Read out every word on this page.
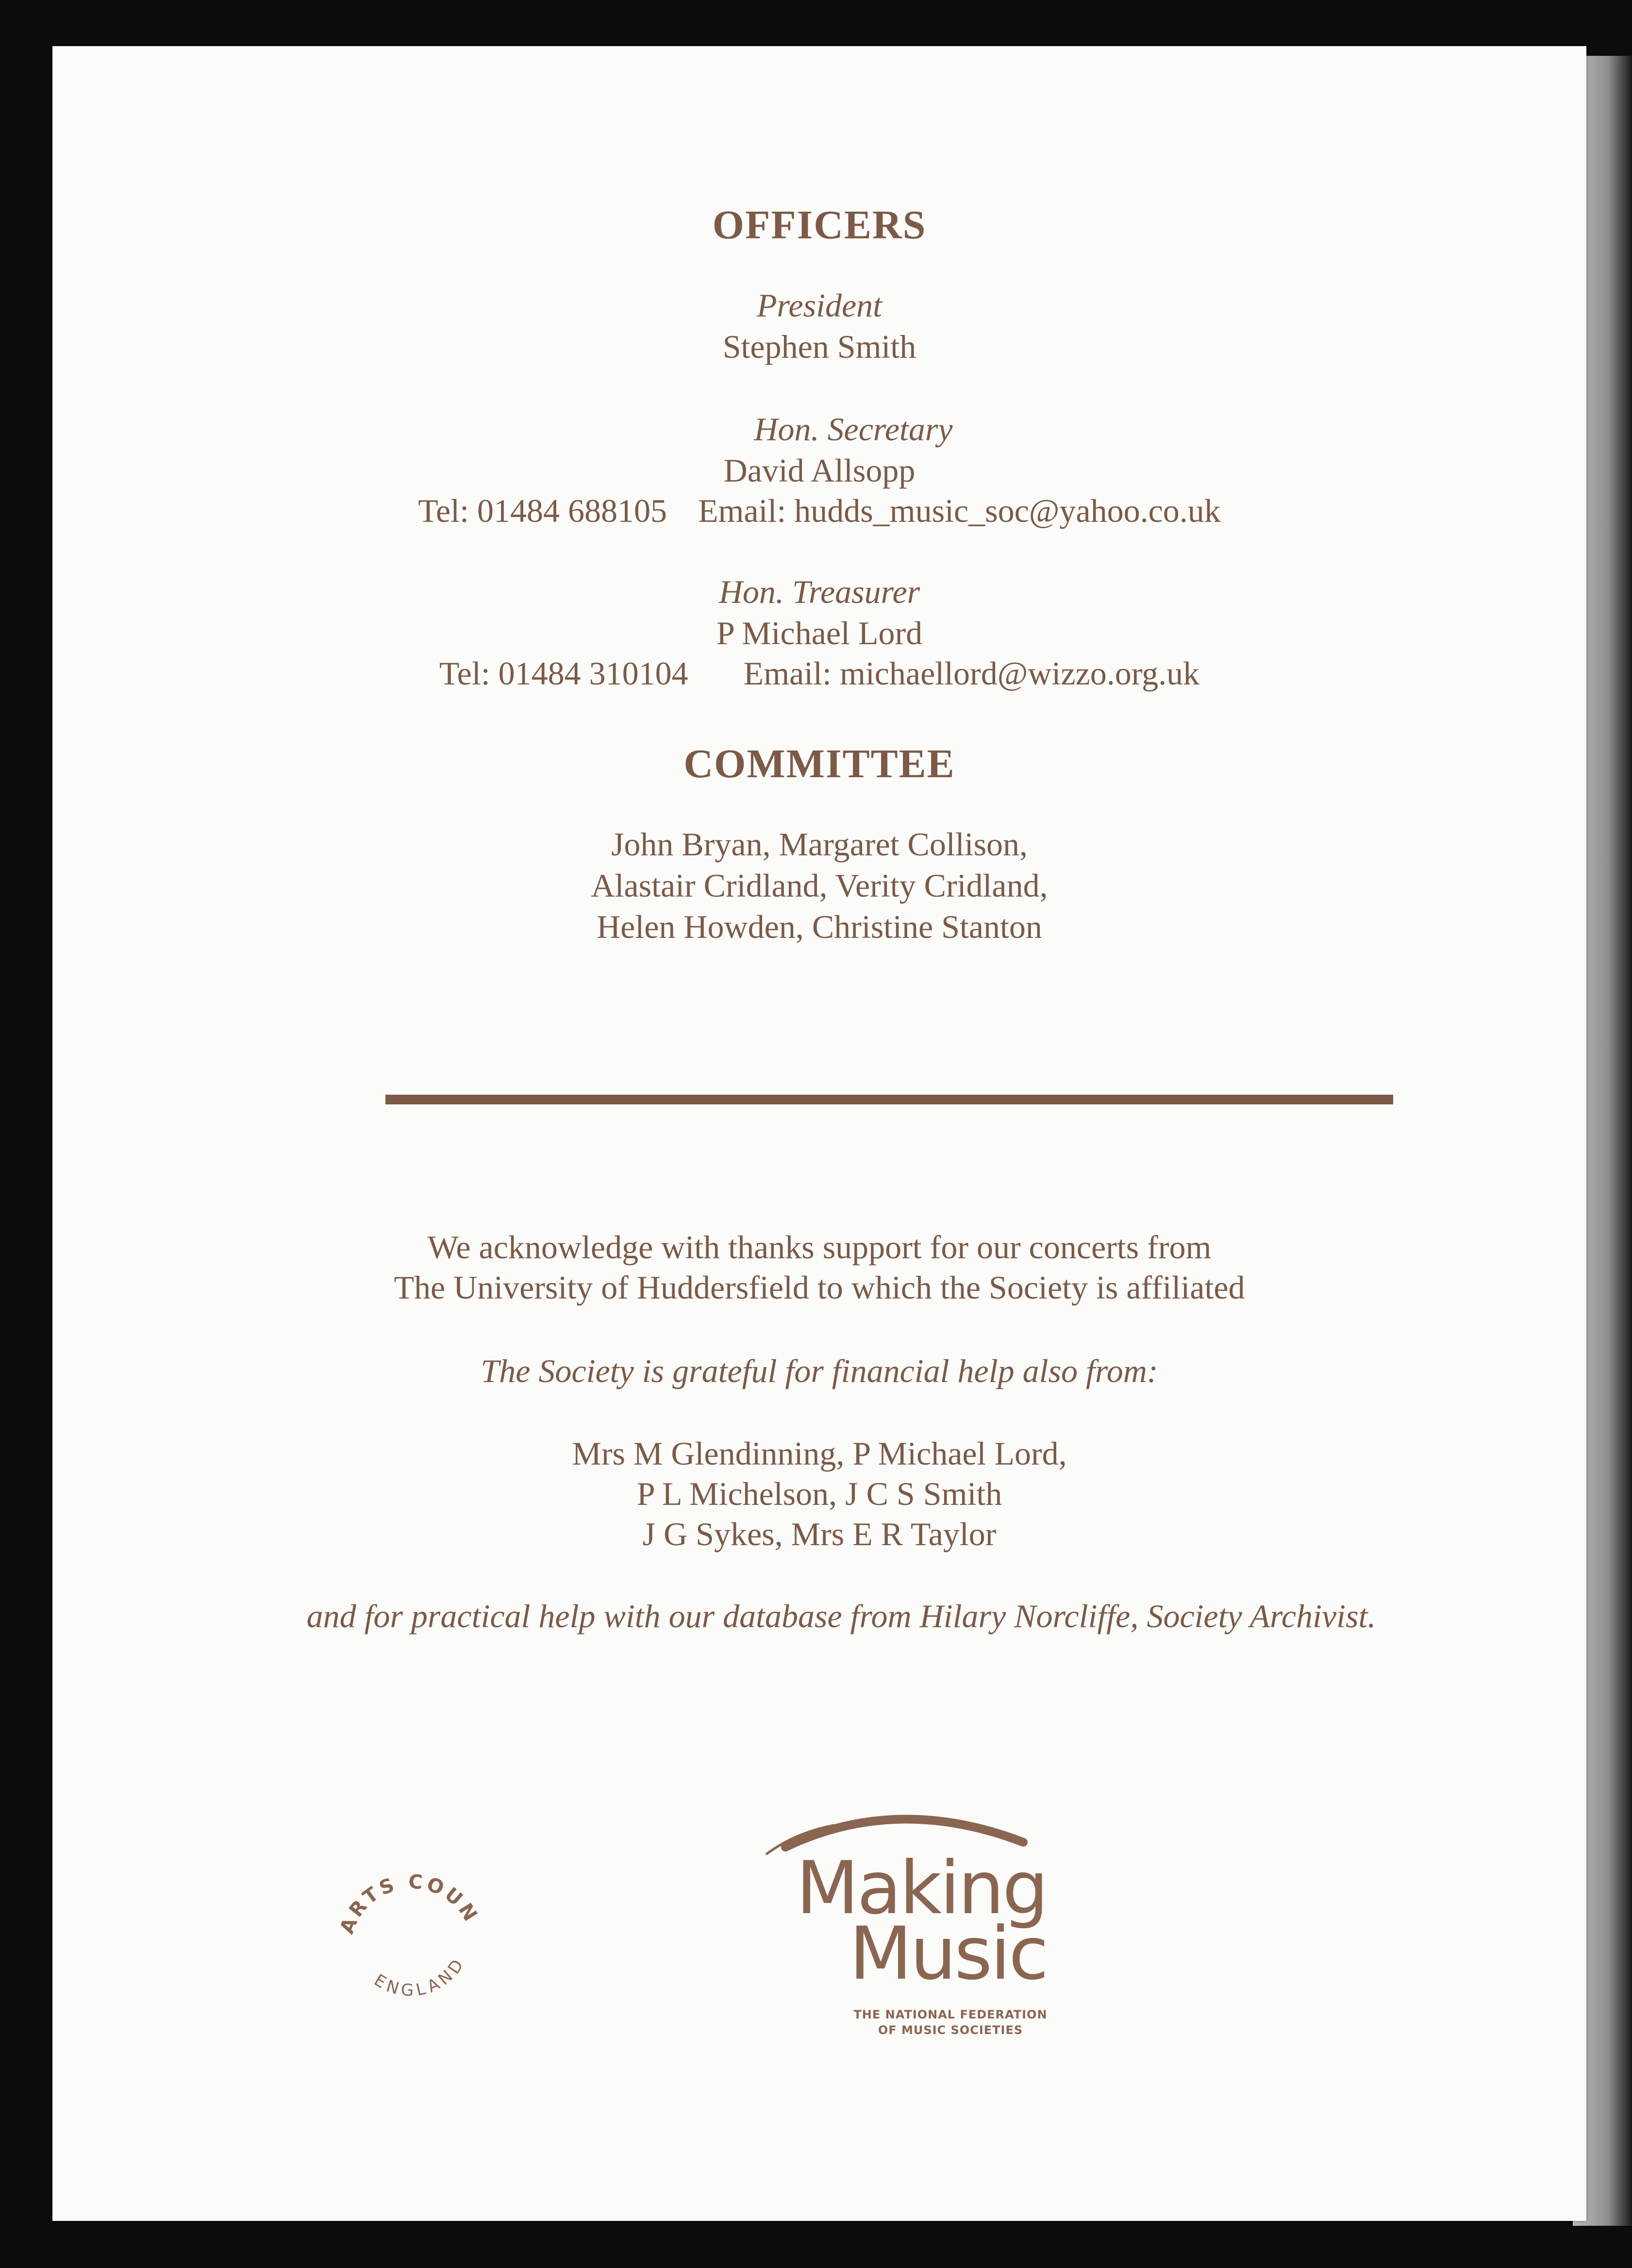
OFFICERS
President
Stephen Smith
Hon. Secretary
David Allsopp
Tel: 01484 688105 Email: hudds_music_soc@yahoo.co.uk
Hon. Treasurer
P Michael Lord
Tel: 01484 310104 Email: michaellord@wizzo.org.uk
COMMITTEE
John Bryan, Margaret Collison,
Alastair Cridland, Verity Cridland,
Helen Howden, Christine Stanton
We acknowledge with thanks support for our concerts from
The University of Huddersfield to which the Society is affiliated
The Society is grateful for financial help also from:
Mrs M Glendinning, P Michael Lord,
P L Michelson, J C S Smith
J G Sykes, Mrs E R Taylor
and for practical help with our database from Hilary Norcliffe, Society Archivist.
ARTS COUN
ENGLAND
Making
Music
THE NATIONAL FEDERATION
OF MUSIC SOCIETIES
